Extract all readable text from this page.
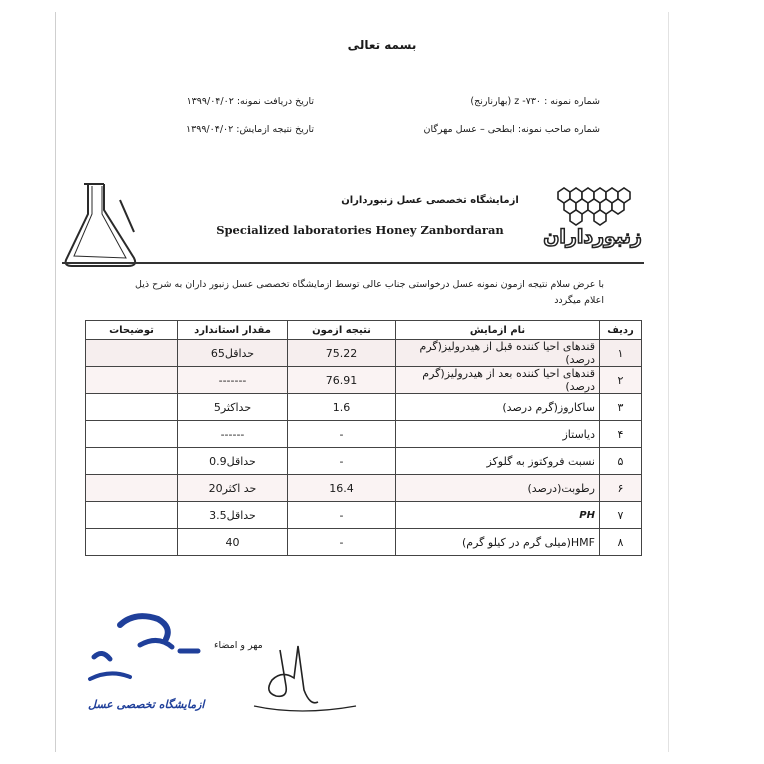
بسمه تعالی
شماره نمونه : ۷۳۰- z (بهارنارنج)
تاریخ دریافت نمونه: ۱۳۹۹/۰۴/۰۲
شماره صاحب نمونه: ابطحی – عسل مهرگان
تاریخ نتیجه ازمایش: ۱۳۹۹/۰۴/۰۲
ازمایشگاه تخصصی عسل زنبورداران
Specialized laboratories Honey Zanbordaran	زنبورداران
با عرض سلام نتیجه ازمون نمونه عسل درخواستی جناب عالی توسط ازمایشگاه تخصصی عسل زنبور داران به شرح ذیل
اعلام میگردد
توضیحات	مقدار استاندارد	نتیجه ازمون	نام ازمایش	ردیف
	حداقل65	75.22	قندهای احیا کننده قبل از هیدرولیز(گرم درصد)	۱
	-------	76.91	قندهای احیا کننده بعد از هیدرولیز(گرم درصد)	۲
	حداکثر5	1.6	ساکاروز(گرم درصد)	۳
	------	-	دیاستاز	۴
	حداقل0.9	-	نسبت فروکتوز به گلوکز	۵
	حد اکثر20	16.4	رطوبت(درصد)	۶
	حداقل3.5	-	PH	۷
	40	-	HMF(میلی گرم در کیلو گرم)	۸
مهر و امضاء
ازمایشگاه تخصصی عسل
